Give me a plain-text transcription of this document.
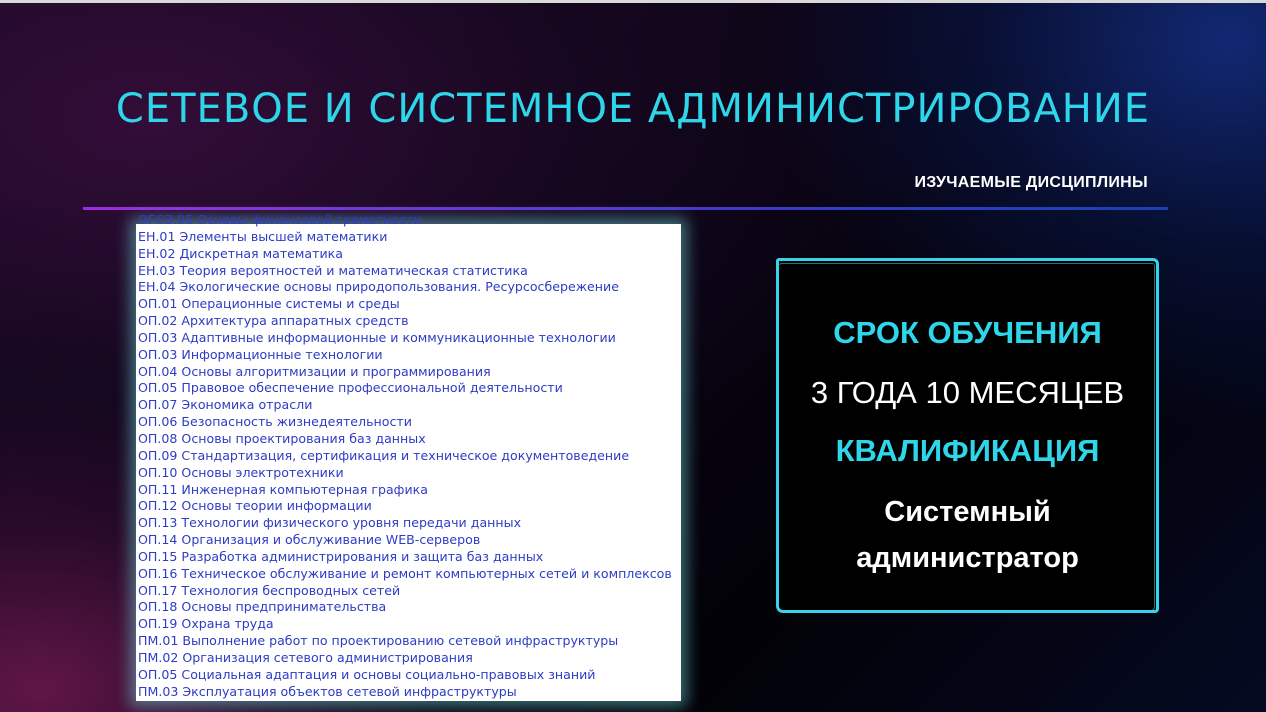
СЕТЕВОЕ И СИСТЕМНОЕ АДМИНИСТРИРОВАНИЕ
ИЗУЧАЕМЫЕ ДИСЦИПЛИНЫ
ОГСЭ.05 Основы финансовой грамотности
ЕН.01 Элементы высшей математики
ЕН.02 Дискретная математика
ЕН.03 Теория вероятностей и математическая статистика
ЕН.04 Экологические основы природопользования. Ресурсосбережение
ОП.01 Операционные системы и среды
ОП.02 Архитектура аппаратных средств
ОП.03 Адаптивные информационные и коммуникационные технологии
ОП.03 Информационные технологии
ОП.04 Основы алгоритмизации и программирования
ОП.05 Правовое обеспечение профессиональной деятельности
ОП.07 Экономика отрасли
ОП.06 Безопасность жизнедеятельности
ОП.08 Основы проектирования баз данных
ОП.09 Стандартизация, сертификация и техническое документоведение
ОП.10 Основы электротехники
ОП.11 Инженерная компьютерная графика
ОП.12 Основы теории информации
ОП.13 Технологии физического уровня передачи данных
ОП.14 Организация и обслуживание WEB-серверов
ОП.15 Разработка администрирования и защита баз данных
ОП.16 Техническое обслуживание и ремонт компьютерных сетей и комплексов
ОП.17 Технология беспроводных сетей
ОП.18 Основы предпринимательства
ОП.19 Охрана труда
ПМ.01 Выполнение работ по проектированию сетевой инфраструктуры
ПМ.02 Организация сетевого администрирования
ОП.05 Социальная адаптация и основы социально-правовых знаний
ПМ.03 Эксплуатация объектов сетевой инфраструктуры
СРОК ОБУЧЕНИЯ
3 ГОДА 10 МЕСЯЦЕВ
КВАЛИФИКАЦИЯ
Системный
администратор
